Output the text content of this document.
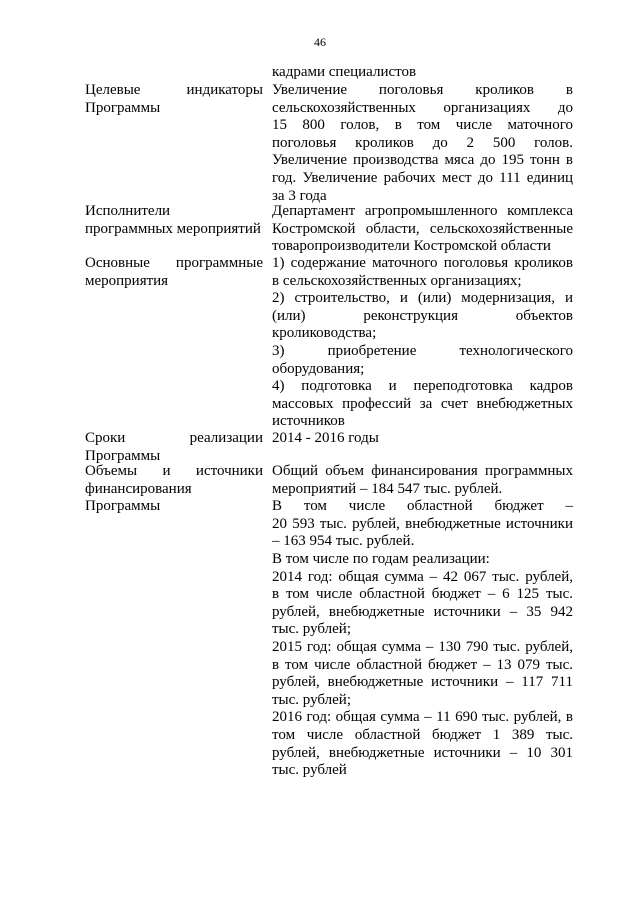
46
кадрами специалистов
Целевые индикаторы
Программы
Увеличение поголовья кроликов в
сельскохозяйственных организациях до
15 800 голов, в том числе маточного
поголовья кроликов до 2 500 голов.
Увеличение производства мяса до 195 тонн в
год. Увеличение рабочих мест до 111 единиц
за 3 года
Исполнители
программных мероприятий
Департамент агропромышленного комплекса
Костромской области, сельскохозяйственные
товаропроизводители Костромской области
Основные программные
мероприятия
1) содержание маточного поголовья кроликов
в сельскохозяйственных организациях;
2) строительство, и (или) модернизация, и
(или) реконструкция объектов
кролиководства;
3) приобретение технологического
оборудования;
4) подготовка и переподготовка кадров
массовых профессий за счет внебюджетных
источников
Сроки реализации
Программы
2014 - 2016 годы
Объемы и источники
финансирования
Программы
Общий объем финансирования программных
мероприятий – 184 547 тыс. рублей.
В том числе областной бюджет –
20 593 тыс. рублей, внебюджетные источники
– 163 954 тыс. рублей.
В том числе по годам реализации:
2014 год: общая сумма – 42 067 тыс. рублей,
в том числе областной бюджет – 6 125 тыс.
рублей, внебюджетные источники – 35 942
тыс. рублей;
2015 год: общая сумма – 130 790 тыс. рублей,
в том числе областной бюджет – 13 079 тыс.
рублей, внебюджетные источники – 117 711
тыс. рублей;
2016 год: общая сумма – 11 690 тыс. рублей, в
том числе областной бюджет 1 389 тыс.
рублей, внебюджетные источники – 10 301
тыс. рублей
